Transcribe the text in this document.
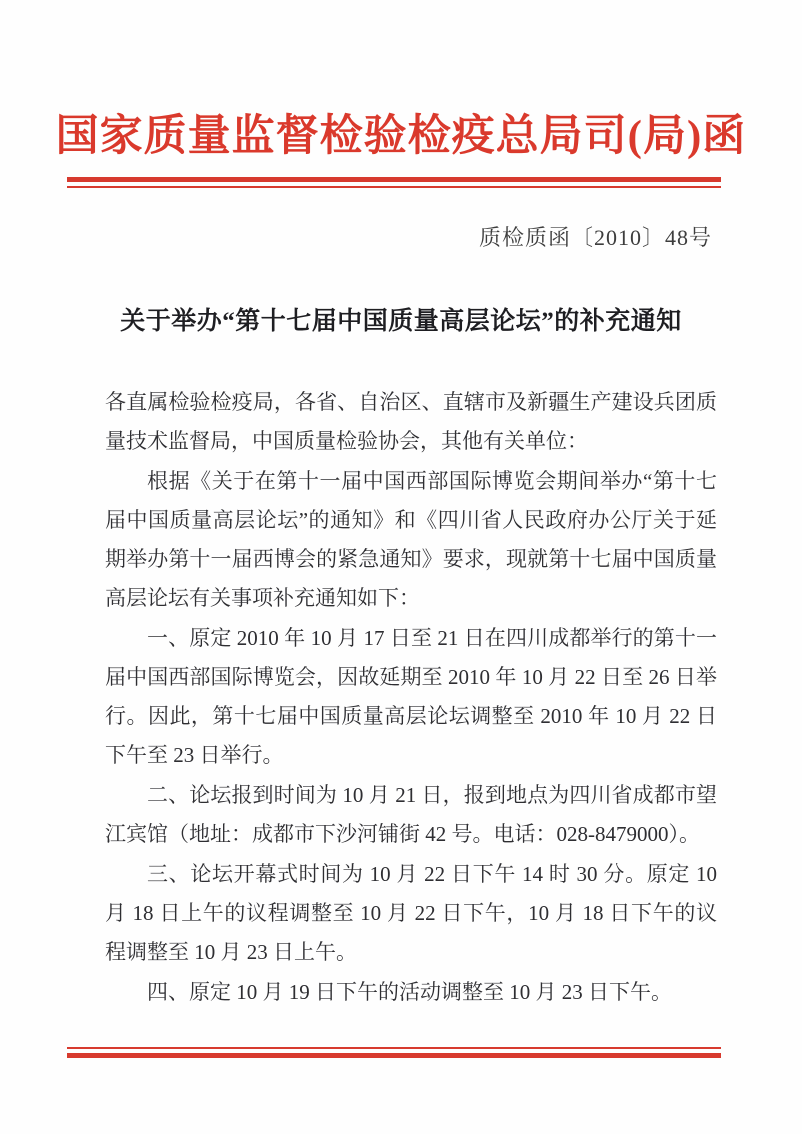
国家质量监督检验检疫总局司(局)函
质检质函〔2010〕48号
关于举办“第十七届中国质量高层论坛”的补充通知

各直属检验检疫局，各省、自治区、直辖市及新疆生产建设兵团质量技术监督局，中国质量检验协会，其他有关单位：

根据《关于在第十一届中国西部国际博览会期间举办“第十七届中国质量高层论坛”的通知》和《四川省人民政府办公厅关于延期举办第十一届西博会的紧急通知》要求，现就第十七届中国质量高层论坛有关事项补充通知如下：

一、原定 2010 年 10 月 17 日至 21 日在四川成都举行的第十一届中国西部国际博览会，因故延期至 2010 年 10 月 22 日至 26 日举行。因此，第十七届中国质量高层论坛调整至 2010 年 10 月 22 日下午至 23 日举行。

二、论坛报到时间为 10 月 21 日，报到地点为四川省成都市望江宾馆（地址：成都市下沙河铺街 42 号。电话：028-8479000）。

三、论坛开幕式时间为 10 月 22 日下午 14 时 30 分。原定 10 月 18 日上午的议程调整至 10 月 22 日下午，10 月 18 日下午的议程调整至 10 月 23 日上午。

四、原定 10 月 19 日下午的活动调整至 10 月 23 日下午。
